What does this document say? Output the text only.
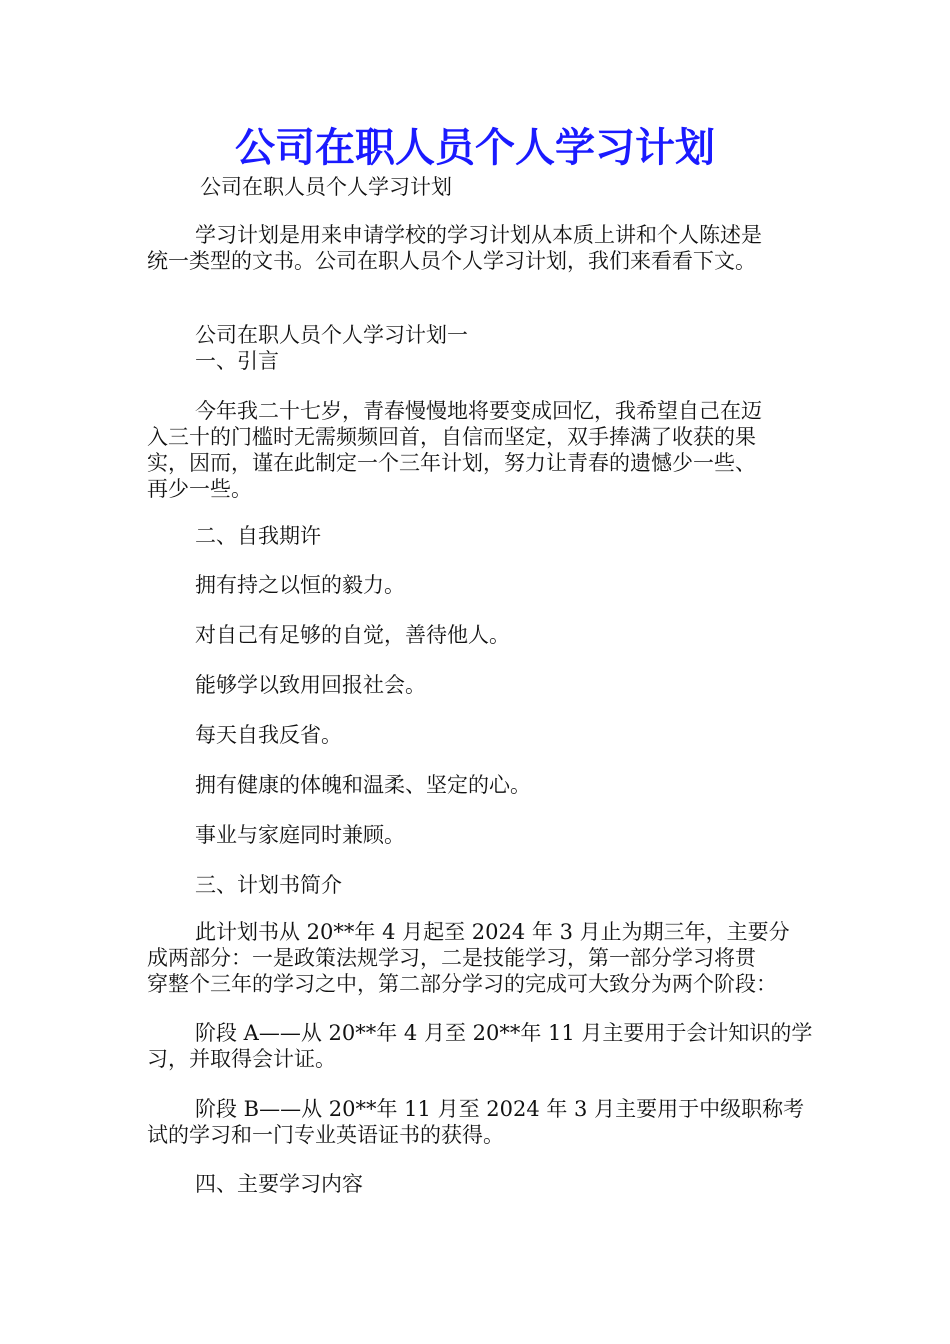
公司在职人员个人学习计划

公司在职人员个人学习计划

学习计划是用来申请学校的学习计划从本质上讲和个人陈述是

统一类型的文书。公司在职人员个人学习计划，我们来看看下文。

公司在职人员个人学习计划一

一、引言

今年我二十七岁，青春慢慢地将要变成回忆，我希望自己在迈

入三十的门槛时无需频频回首，自信而坚定，双手捧满了收获的果

实，因而，谨在此制定一个三年计划，努力让青春的遗憾少一些、

再少一些。

二、自我期许

拥有持之以恒的毅力。

对自己有足够的自觉，善待他人。

能够学以致用回报社会。

每天自我反省。

拥有健康的体魄和温柔、坚定的心。

事业与家庭同时兼顾。

三、计划书简介

此计划书从 20**年 4 月起至 2024 年 3 月止为期三年，主要分

成两部分：一是政策法规学习，二是技能学习，第一部分学习将贯

穿整个三年的学习之中，第二部分学习的完成可大致分为两个阶段：

阶段 A——从 20**年 4 月至 20**年 11 月主要用于会计知识的学

习，并取得会计证。

阶段 B——从 20**年 11 月至 2024 年 3 月主要用于中级职称考

试的学习和一门专业英语证书的获得。

四、主要学习内容
